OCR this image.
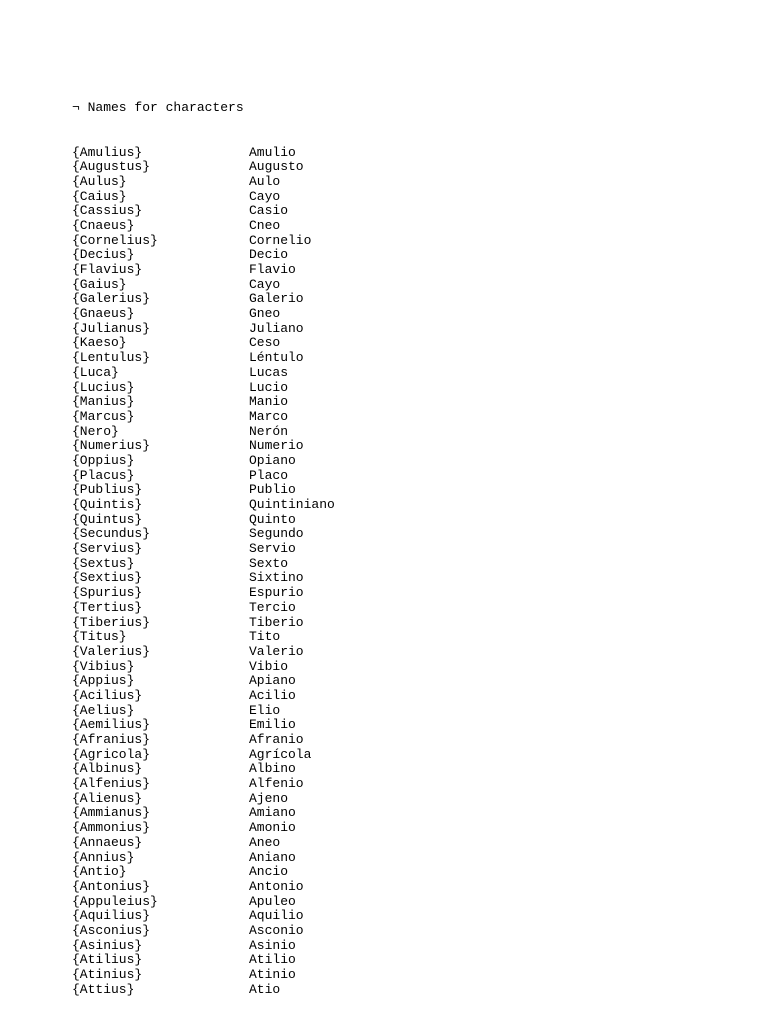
¬ Names for characters

{Amulius}	Amulio
{Augustus}	Augusto
{Aulus}	Aulo
{Caius}	Cayo
{Cassius}	Casio
{Cnaeus}	Cneo
{Cornelius}	Cornelio
{Decius}	Decio
{Flavius}	Flavio
{Gaius}	Cayo
{Galerius}	Galerio
{Gnaeus}	Gneo
{Julianus}	Juliano
{Kaeso}	Ceso
{Lentulus}	Léntulo
{Luca}	Lucas
{Lucius}	Lucio
{Manius}	Manio
{Marcus}	Marco
{Nero}	Nerón
{Numerius}	Numerio
{Oppius}	Opiano
{Placus}	Placo
{Publius}	Publio
{Quintis}	Quintiniano
{Quintus}	Quinto
{Secundus}	Segundo
{Servius}	Servio
{Sextus}	Sexto
{Sextius}	Sixtino
{Spurius}	Espurio
{Tertius}	Tercio
{Tiberius}	Tiberio
{Titus}	Tito
{Valerius}	Valerio
{Vibius}	Vibio
{Appius}	Apiano
{Acilius}	Acilio
{Aelius}	Elio
{Aemilius}	Emilio
{Afranius}	Afranio
{Agricola}	Agrícola
{Albinus}	Albino
{Alfenius}	Alfenio
{Alienus}	Ajeno
{Ammianus}	Amiano
{Ammonius}	Amonio
{Annaeus}	Aneo
{Annius}	Aniano
{Antio}	Ancio
{Antonius}	Antonio
{Appuleius}	Apuleo
{Aquilius}	Aquilio
{Asconius}	Asconio
{Asinius}	Asinio
{Atilius}	Atilio
{Atinius}	Atinio
{Attius}	Atio
